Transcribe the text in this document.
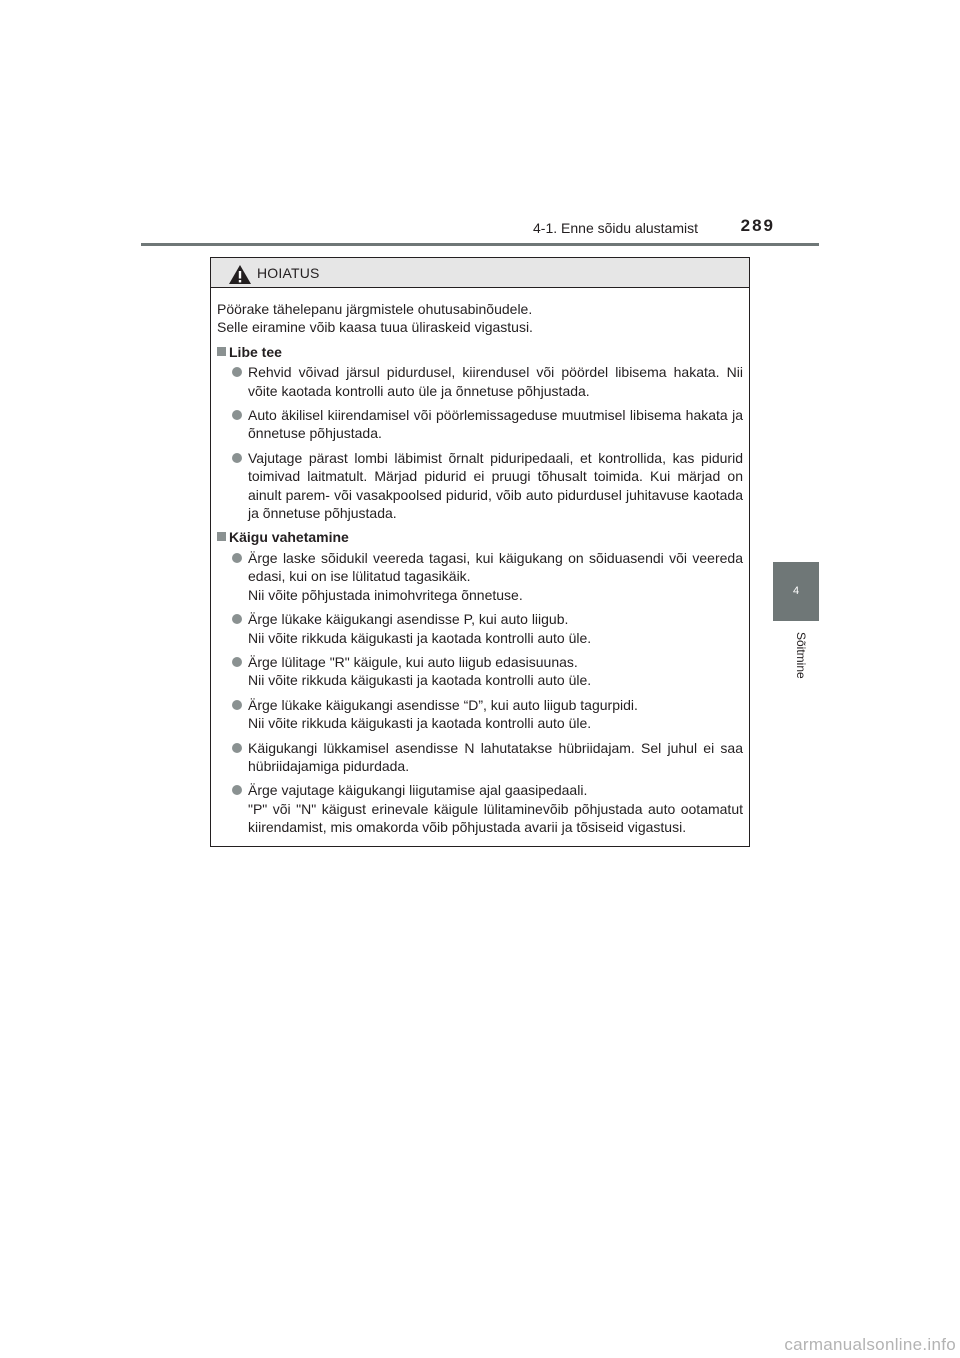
4-1. Enne sõidu alustamist	289
4
Sõitmine
HOIATUS

Pöörake tähelepanu järgmistele ohutusabinõudele.

Selle eiramine võib kaasa tuua üliraskeid vigastusi.

Libe tee

Rehvid võivad järsul pidurdusel, kiirendusel või pöördel libisema hakata. Nii võite kaotada kontrolli auto üle ja õnnetuse põhjustada.

Auto äkilisel kiirendamisel või pöörlemissageduse muutmisel libisema hakata ja õnnetuse põhjustada.

Vajutage pärast lombi läbimist õrnalt piduripedaali, et kontrollida, kas pidurid toimivad laitmatult. Märjad pidurid ei pruugi tõhusalt toimida. Kui märjad on ainult parem- või vasakpoolsed pidurid, võib auto pidurdusel juhitavuse kaotada ja õnnetuse põhjustada.

Käigu vahetamine

Ärge laske sõidukil veereda tagasi, kui käigukang on sõiduasendi või veereda edasi, kui on ise lülitatud tagasikäik.

Nii võite põhjustada inimohvritega õnnetuse.

Ärge lükake käigukangi asendisse P, kui auto liigub.

Nii võite rikkuda käigukasti ja kaotada kontrolli auto üle.

Ärge lülitage "R" käigule, kui auto liigub edasisuunas.

Nii võite rikkuda käigukasti ja kaotada kontrolli auto üle.

Ärge lükake käigukangi asendisse “D”, kui auto liigub tagurpidi.

Nii võite rikkuda käigukasti ja kaotada kontrolli auto üle.

Käigukangi lükkamisel asendisse N lahutatakse hübriidajam. Sel juhul ei saa hübriidajamiga pidurdada.

Ärge vajutage käigukangi liigutamise ajal gaasipedaali.

"P" või "N" käigust erinevale käigule lülitaminevõib põhjustada auto ootamatut kiirendamist, mis omakorda võib põhjustada avarii ja tõsiseid vigastusi.

carmanualsonline.info
